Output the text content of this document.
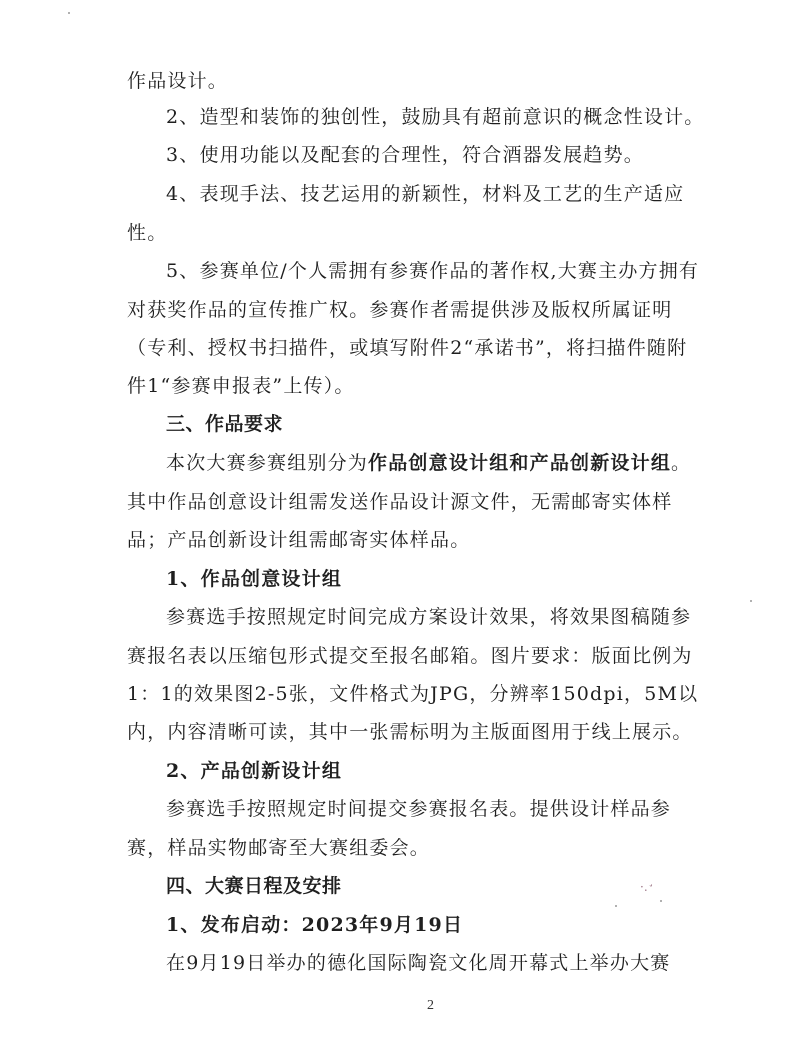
作品设计。
2、造型和装饰的独创性，鼓励具有超前意识的概念性设计。
3、使用功能以及配套的合理性，符合酒器发展趋势。
4、表现手法、技艺运用的新颖性，材料及工艺的生产适应
性。
5、参赛单位/个人需拥有参赛作品的著作权,大赛主办方拥有
对获奖作品的宣传推广权。参赛作者需提供涉及版权所属证明
（专利、授权书扫描件，或填写附件2“承诺书”，将扫描件随附
件1“参赛申报表”上传）。
三、作品要求
本次大赛参赛组别分为作品创意设计组和产品创新设计组。
其中作品创意设计组需发送作品设计源文件，无需邮寄实体样
品；产品创新设计组需邮寄实体样品。
1、作品创意设计组
参赛选手按照规定时间完成方案设计效果，将效果图稿随参
赛报名表以压缩包形式提交至报名邮箱。图片要求：版面比例为
1：1的效果图2-5张，文件格式为JPG，分辨率150dpi，5M以
内，内容清晰可读，其中一张需标明为主版面图用于线上展示。
2、产品创新设计组
参赛选手按照规定时间提交参赛报名表。提供设计样品参
赛，样品实物邮寄至大赛组委会。
四、大赛日程及安排
1、发布启动：2023年9月19日
在9月19日举办的德化国际陶瓷文化周开幕式上举办大赛
2
·. ̛
